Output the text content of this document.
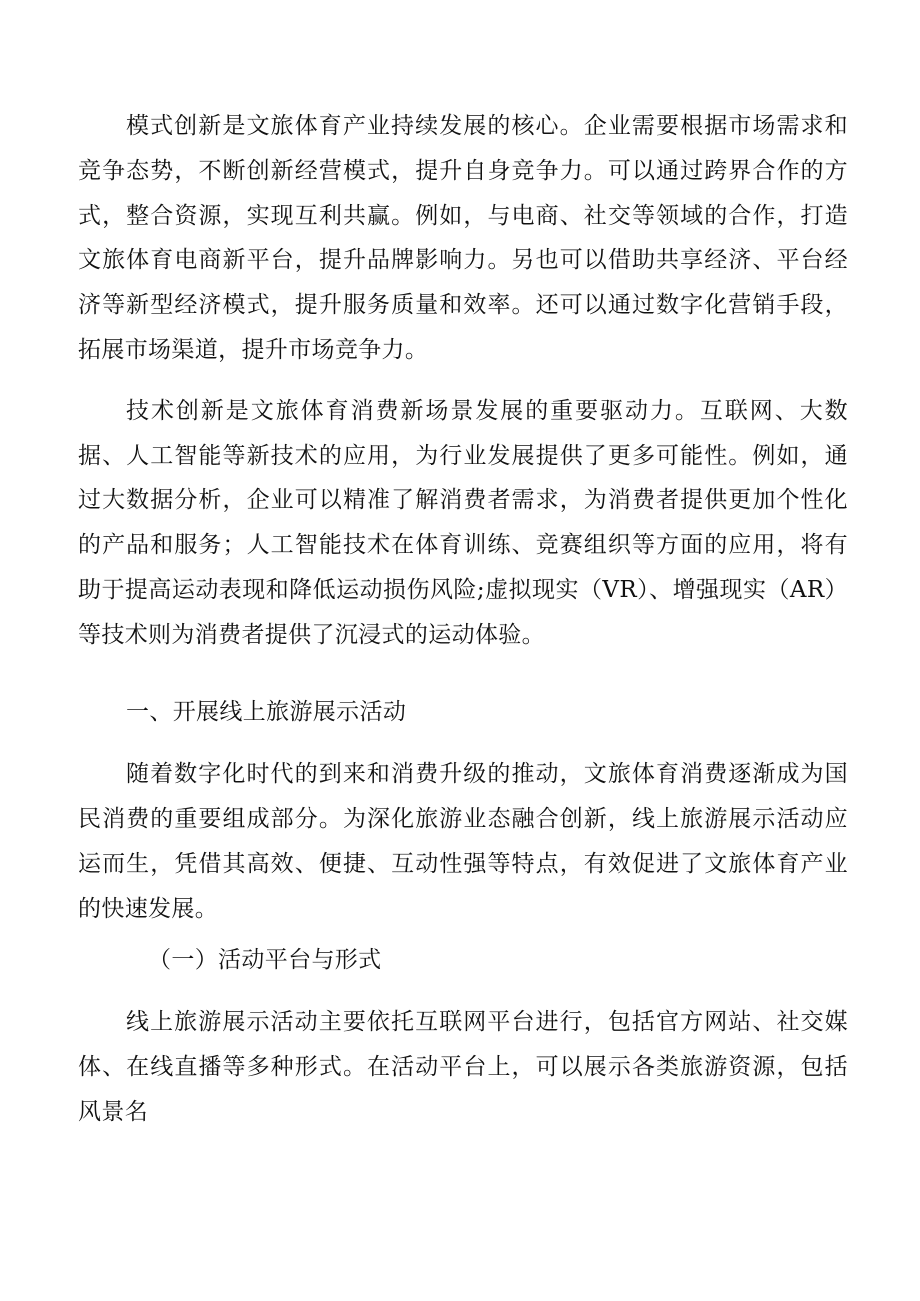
模式创新是文旅体育产业持续发展的核心。企业需要根据市场需求和竞争态势，不断创新经营模式，提升自身竞争力。可以通过跨界合作的方式，整合资源，实现互利共赢。例如，与电商、社交等领域的合作，打造文旅体育电商新平台，提升品牌影响力。另也可以借助共享经济、平台经济等新型经济模式，提升服务质量和效率。还可以通过数字化营销手段，拓展市场渠道，提升市场竞争力。

技术创新是文旅体育消费新场景发展的重要驱动力。互联网、大数据、人工智能等新技术的应用，为行业发展提供了更多可能性。例如，通过大数据分析，企业可以精准了解消费者需求，为消费者提供更加个性化的产品和服务；人工智能技术在体育训练、竞赛组织等方面的应用，将有助于提高运动表现和降低运动损伤风险;虚拟现实（VR）、增强现实（AR）等技术则为消费者提供了沉浸式的运动体验。

一、开展线上旅游展示活动

随着数字化时代的到来和消费升级的推动，文旅体育消费逐渐成为国民消费的重要组成部分。为深化旅游业态融合创新，线上旅游展示活动应运而生，凭借其高效、便捷、互动性强等特点，有效促进了文旅体育产业的快速发展。

（一）活动平台与形式

线上旅游展示活动主要依托互联网平台进行，包括官方网站、社交媒体、在线直播等多种形式。在活动平台上，可以展示各类旅游资源，包括风景名
